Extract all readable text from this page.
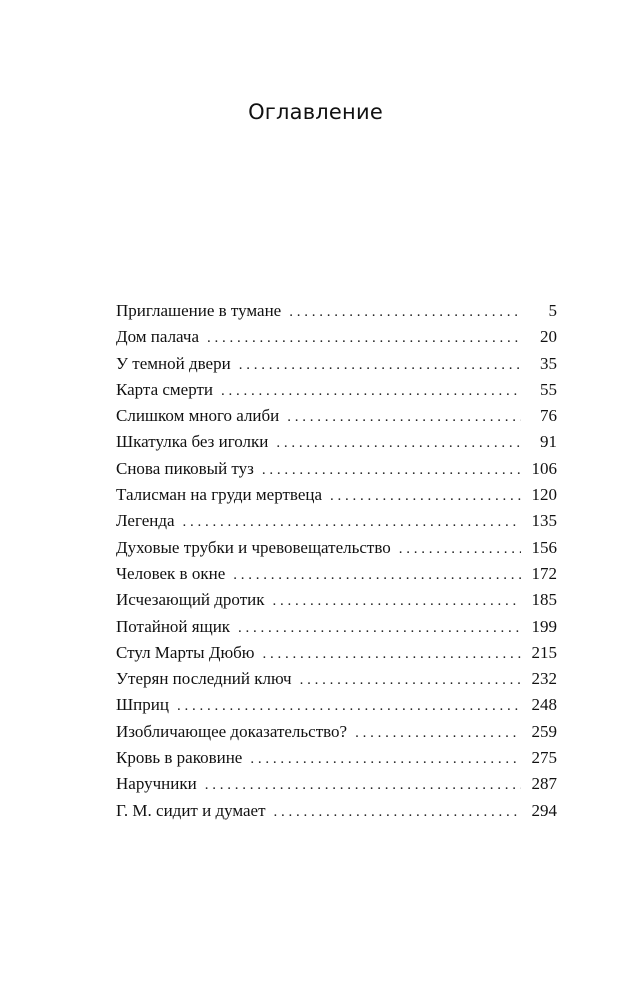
Оглавление
Приглашение в тумане . . .	5
Дом палача . . .	20
У темной двери . . .	35
Карта смерти . . .	55
Слишком много алиби . . .	76
Шкатулка без иголки . . .	91
Снова пиковый туз . . .	106
Талисман на груди мертвеца . . .	120
Легенда . . .	135
Духовые трубки и чревовещательство . . .	156
Человек в окне . . .	172
Исчезающий дротик . . .	185
Потайной ящик . . .	199
Стул Марты Дюбю . . .	215
Утерян последний ключ . . .	232
Шприц . . .	248
Изобличающее доказательство? . . .	259
Кровь в раковине . . .	275
Наручники . . .	287
Г. М. сидит и думает . . .	294
